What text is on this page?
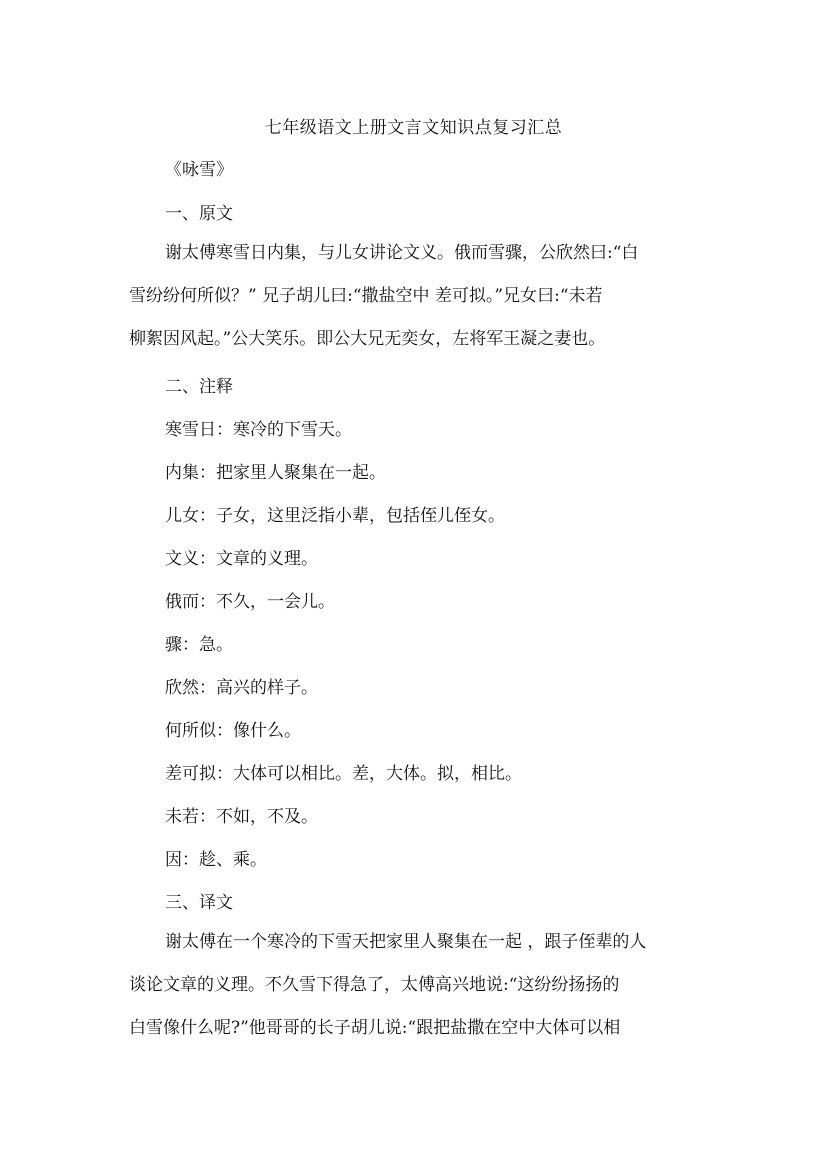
七年级语文上册文言文知识点复习汇总
《咏雪》
一、原文
谢太傅寒雪日内集，与儿女讲论文义。俄而雪骤，公欣然曰:“白
雪纷纷何所似？” 兄子胡儿曰:“撒盐空中 差可拟。”兄女曰:“未若
柳絮因风起。”公大笑乐。即公大兄无奕女，左将军王凝之妻也。
二、注释
寒雪日：寒冷的下雪天。
内集：把家里人聚集在一起。
儿女：子女，这里泛指小辈，包括侄儿侄女。
文义：文章的义理。
俄而：不久，一会儿。
骤：急。
欣然：高兴的样子。
何所似：像什么。
差可拟：大体可以相比。差，大体。拟，相比。
未若：不如，不及。
因：趁、乘。
三、译文
谢太傅在一个寒冷的下雪天把家里人聚集在一起 ，跟子侄辈的人
谈论文章的义理。不久雪下得急了，太傅高兴地说:“这纷纷扬扬的
白雪像什么呢?”他哥哥的长子胡儿说:“跟把盐撒在空中大体可以相
